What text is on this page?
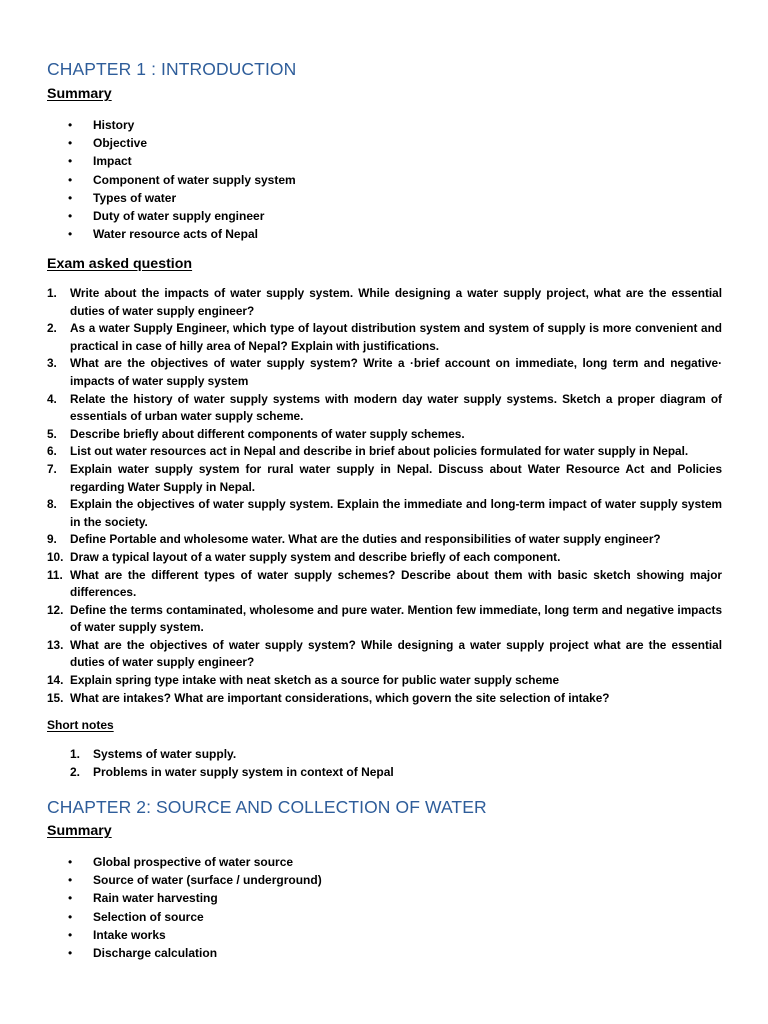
CHAPTER 1 : INTRODUCTION
Summary
• History
• Objective
• Impact
• Component of water supply system
• Types of water
• Duty of water supply engineer
• Water resource acts of Nepal
Exam asked question
1. Write about the impacts of water supply system. While designing a water supply project, what are the essential duties of water supply engineer?
2. As a water Supply Engineer, which type of layout distribution system and system of supply is more convenient and practical in case of hilly area of Nepal? Explain with justifications.
3. What are the objectives of water supply system? Write a ·brief account on immediate, long term and negative· impacts of water supply system
4. Relate the history of water supply systems with modern day water supply systems. Sketch a proper diagram of essentials of urban water supply scheme.
5. Describe briefly about different components of water supply schemes.
6. List out water resources act in Nepal and describe in brief about policies formulated for water supply in Nepal.
7. Explain water supply system for rural water supply in Nepal. Discuss about Water Resource Act and Policies regarding Water Supply in Nepal.
8. Explain the objectives of water supply system. Explain the immediate and long-term impact of water supply system in the society.
9. Define Portable and wholesome water. What are the duties and responsibilities of water supply engineer?
10. Draw a typical layout of a water supply system and describe briefly of each component.
11. What are the different types of water supply schemes? Describe about them with basic sketch showing major differences.
12. Define the terms contaminated, wholesome and pure water. Mention few immediate, long term and negative impacts of water supply system.
13. What are the objectives of water supply system? While designing a water supply project what are the essential duties of water supply engineer?
14. Explain spring type intake with neat sketch as a source for public water supply scheme
15. What are intakes? What are important considerations, which govern the site selection of intake?
Short notes
1. Systems of water supply.
2. Problems in water supply system in context of Nepal
CHAPTER 2: SOURCE AND COLLECTION OF WATER
Summary
• Global prospective of water source
• Source of water (surface / underground)
• Rain water harvesting
• Selection of source
• Intake works
• Discharge calculation
